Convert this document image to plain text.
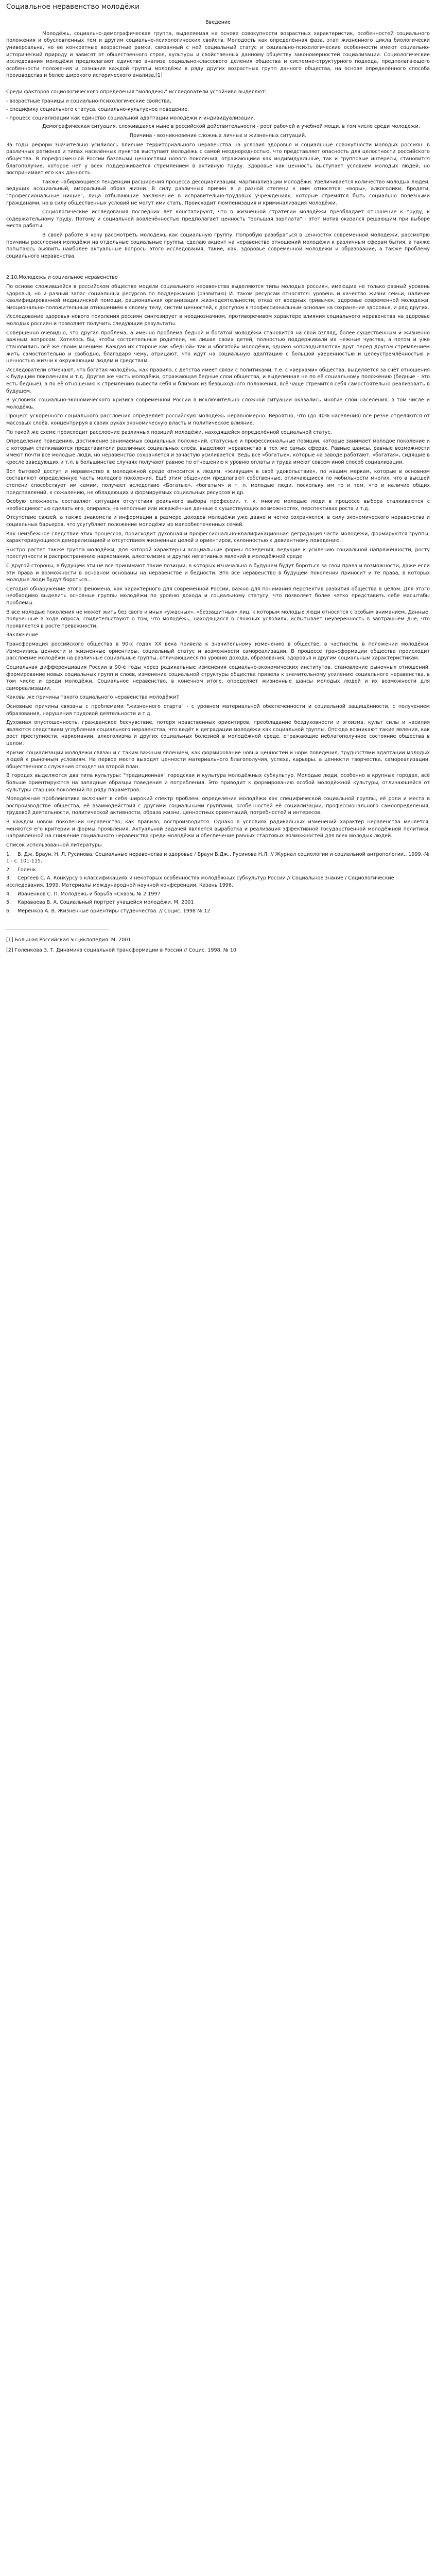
Социальное неравенство молодёжи
Введение

Молодёжь, социально-демографическая группа, выделяемая на основе совокупности возрастных характеристик, особенностей социального положения и обусловленных тем и другим социально-психологических свойств. Молодость как определённая фаза, этап жизненного цикла биологически универсальна, но её конкретные возрастные рамки, связанный с ней социальный статус и социально-психологические особенности имеют социально-исторический природу и зависят от общественного строя, культуры и свойственных данному обществу закономерностей социализации. Социологические исследования молодёжи предполагают единство анализа социально-классового деления общества и системно-структурного подхода, предполагающего особенности положения и сознания каждой группы молодёжи в ряду других возрастных групп данного общества, на основе определённого способа производства и более широкого исторического анализа.[1]

Среди факторов социологического определения "молодежь" исследователи устойчиво выделяют:

- возрастные границы и социально-психологические свойства,

- специфику социального статуса, социально-культурное поведение,

- процесс социализации как единство социальной адаптации молодежи и индивидуализации.

Демографическая ситуация, сложившаяся ныне в российской действительности - рост рабочей и учебной мощи, в том числе среди молодежи.

Причина - возникновение сложных личных и жизненных ситуаций.

За годы реформ значительно усилилось влияние территориального неравенства на условия здоровья и социальные совокупности молодых россиян: в различных регионах и типах населённых пунктов выступает молодёжь с самой неоднородностью, что представляет опасность для целостности российского общества. В пореформенной России базовыми ценностями нового поколения, отражающими как индивидуальные, так и групповые интересы, становится благополучие, которое нет у всех поддерживается стремлением в активную труду. Здоровье как ценность выступает условием молодых людей, но воспринимает его как данность.

Также набирающиеся тенденции расширения процесса десоциализации, маргинализации молодёжи. Увеличивается количество молодых людей, ведущих асоциальный, аморальный образ жизни. В силу различных причин в и разной степени к ним относятся: «воры», алкоголики, бродяги, "профессиональные нищие", лица отбывающие заключение в исправительно-трудовых учреждениях, которые стремятся быть социально полезными гражданами, но в силу общественных условий не могут ими стать. Происходит люмпенизация и криминализация молодёжи.

Социологические исследования последних лет констатируют, что в жизненной стратегии молодёжи преобладает отношение к труду, к содержательному труду. Потому и социальной вовлечённостью предполагает ценность "Большая зарплата" - этот мотив оказался решающим при выборе места работы.

В своей работе я хочу рассмотреть молодежь как социальную группу. Попробую разобраться в ценностях современной молодежи, рассмотрю причины расслоения молодёжи на отдельные социальные группы, сделаю акцент на неравенство отношений молодёжи к различным сферам бытия, а также попытаюсь выявить наиболее актуальные вопросы этого исследования, такие, как, здоровье современной молодежи и образование, а также проблему социального неравенства.

2.10.Молодежь и социальное неравенство

По основе сложившейся в российском обществе модели социального неравенства выделяются типы молодых россиян, имеющих не только разный уровень здоровья, но и разный запас социальных ресурсов по поддержанию (развитию) И. таком ресурсам относятся: уровень и качество жизни семьи, наличие квалифицированной медицинской помощи, рациональная организация жизнедеятельности, отказ от вредных привычек, здоровье современной молодежи, эмоционально-положительным отношением к своему телу, систем ценностей, с доступом к профессиональным основам на сохранение здоровья, и ряд других.

Исследование здоровья нового поколения россиян синтезирует в неоднозначном, противоречивом характере влияния социального неравенства на здоровье молодых россиян и позволяет получить следующие результаты.

Совершенно очевидно, что другая проблема, а именно проблема бедной и богатой молодёжи становится на свой взгляд, более существенным и жизненно важным вопросом. Хотелось бы, чтобы состоятельные родители, не лишая своих детей, полностью поддерживали их нежные чувства, а потом и уже становились всё же своим мнением: Каждая их стороне как «бедной» так и «богатой» молодёжи, однако «оправдываются» друг перед другом стремлением жить самостоятельно и свободно, благодаря чему, отрицают, что идут на социальную адаптацию с большой уверенностью и целеустремлённостью и ценностью жизни к окружающим людям и средствам.

Исследователи отмечают, что богатая молодёжь, как правило, с детства имеет связи с политиками, т.е. с «верхами» общества, выделяется за счёт отношения к будущим поколениям и т.д. Другая же часть молодёжи, отражающая бедные слои общества, и выделенная не по её социальному положению (бедные – это есть бедные), а по её отношению к стремлению вывести себя и близких из безвыходного положения, всё чаще стремится себя самостоятельно реализовать в будущем.

В условиях социально-экономического кризиса современной России в исключительно сложной ситуации оказались многие слои населения, в том числе и молодёжь.

Процесс ускоренного социального расслоения определяет российскую молодёжь неравномерно. Вероятно, что (до 40% населения) все резче отделяются от массовых слоёв, концентрируя в своих руках экономическую власть и политическое влияние.

По такой же схеме происходит расслоение различных позиций молодёжи, находящейся определённой социальной статус.

Определение поведению, достижение занимаемых социальных положений, статусные и профессиональные позиции, которые занимает молодое поколение и с которым сталкиваются представители различных социальных слоёв, выделяют неравенство в тех же самых сферах. Равные шансы, равные возможности имеют почти все молодые люди, но неравенство сохраняется и зачастую усиливается. Ведь все «богатые», которые на заводе работают, «богатая», сидящие в кресле заведующих и т.п. в большинстве случаях получают равное по отношению к уровню оплаты и труда имеют совсем иной способ социализации.

Вот бытовой доступ и неравенство в молодёжной среде относится к людям, «живущим в своё удовольствие», по нашим меркам, которые в основном составляют определённую часть молодого поколения. Ещё этим общением предлагают собственные, отличающиеся по мобильности многих, что в высшей степени способствует им самим, получает вследствие «Богатые», «богатым» и т. п. молодые люди, поскольку им то и тем, что и наличие общих представлений, к сожалению, не обладающих и формируемых социальных ресурсов и др.

Особую сложность составляет ситуация отсутствия реального выбора профессии, т. к. многие молодые люди в процессе выбора сталкиваются с необходимостью сделать его, опираясь на неполные или искажённые данные о существующих возможностях, перспективах роста и т.д.

Отсутствие связей, а также знакомств и информации в размере доходов молодёжи уже давно и четко сохраняется, в силу экономического неравенства и социальных барьеров, что усугубляет положение молодёжи из малообеспеченных семей.

Как неизбежное следствие этих процессов, происходит духовная и профессионально-квалификационная деградация части молодёжи, формируются группы, характеризующиеся деморализацией и отсутствием жизненных целей и ориентиров, склонностью к девиантному поведению.

Быстро растет также группа молодёжи, для которой характерны асоциальные формы поведения, ведущие к усилению социальной напряжённости, росту преступности и распространению наркомании, алкоголизма и других негативных явлений в молодёжной среде.

С другой стороны, в будущем эти не все принимают такие позиции, в которых изначально в будущем будут бороться за свои права и возможности, даже если эти права и возможности в основном основаны на неравенстве и бедности. Это все неравенство в будущем поколении приносит и те права, в которых молодые люди будут бороться...

Сегодня обнаружение этого феномена, как характерного для современной России, важно для понимания перспектив развития общества в целом. Для этого необходимо выделить основные группы молодёжи по уровню дохода и социальному статусу, что позволяет более четко представить себе масштабы проблемы.

В все молодые поколения не может жить без свого и иных «ужасных», «беззащитных» лиц, к которым молодые люди относятся с особым вниманием. Данные, полученные в ходе опроса, свидетельствуют о том, что молодёжь, находящаяся в сложных условиях, испытывает неуверенность в завтрашнем дне, что проявляется в росте тревожности.

Заключение

Трансформация российского общества в 90-х годах XX века привела к значительному изменению в обществе, в частности, в положении молодёжи. Изменились ценности и жизненные ориентиры, социальный статус и возможности самореализации. В процессе трансформации общества происходит расслоение молодёжи на различные социальные группы, отличающиеся по уровню дохода, образования, здоровья и другим социальным характеристикам.

Социальная дифференциация России в 90-е годы через радикальные изменения социально-экономических институтов, становление рыночных отношений, формирование новых социальных групп и слоёв, изменение социальной структуры общества привела к значительному усилению социального неравенства, в том числе и среди молодёжи. Социальное неравенство, в конечном итоге, определяет жизненные шансы молодых людей и их возможности для самореализации.

Каковы же причины такого социального неравенства молодёжи?

Основные причины связаны с проблемами "жизненного старта" - с уровнем материальной обеспеченности и социальной защищённости, с получением образования, нарушения трудовой деятельности и т.д.

Духовная опустошенность, гражданское бесчувствие, потеря нравственных ориентиров, преобладание бездуховности и эгоизма, культ силы и насилия являются следствием углубления социального неравенства, что ведёт к деградации молодёжи как социальной группы. Отсюда возникают такие явления, как рост преступности, наркомании, алкоголизма и других социальных болезней в молодёжной среде, отражающие неблагополучное состояние общества в целом.

Кризис социализации молодежи связан и с таким важным явлением, как формирование новых ценностей и норм поведения, трудностями адаптации молодых людей к рыночным условиям. На первое место выходят ценности материального благополучия, успеха, карьеры, а ценности творчества, самореализации, общественного служения отходят на второй план.

В городах выделяются два типа культуры: "традиционная" городская и культура молодёжных субкультур. Молодые люди, особенно в крупных городах, всё больше ориентируются на западные образцы поведения и потребления. Это приводит к формированию особой молодёжной культуры, отличающейся от культуры старших поколений по ряду параметров.

Молодёжная проблематика включает в себя широкий спектр проблем: определение молодёжи как специфической социальной группы, её роли и места в воспроизводстве общества, её взаимодействия с другими социальными группами, особенностей её социализации, профессионального самоопределения, трудовой деятельности, политической активности, образа жизни, ценностных ориентаций, потребностей и интересов.

В каждом новом поколении неравенство, как правило, воспроизводится. Однако в условиях радикальных изменений характер неравенства меняется, меняются его критерии и формы проявления. Актуальной задачей является выработка и реализация эффективной государственной молодёжной политики, направленной на снижение социального неравенства среди молодёжи и обеспечение равных стартовых возможностей для всех молодых людей.

Список использованной литературы
1. В. Дж. Браун, Н. Л. Русинова. Социальные неравенства и здоровье / Браун В.Дж., Русинова Н.Л. // Журнал социологии и социальной антропологии., 1999.-№ 1.- с. 101-115.
2. Голенк.
3. Сергеев С. А. Конкурсу о классификациях и некоторых особенностях молодёжных субкультур России // Социальное знание / Социологические исследования. 1999. Материалы международной научной конференции. Казань 1996.
4. Иваненков С. П. Молодежь и борьба «Сквозь № 2 1997
5. Караваева В. А. Социальный портрет учащейся молодёжи. М. 2001
6. Меренков А. В. Жизненные ориентиры студенчества. // Социс. 1998 № 12

[1] Большая Российская энциклопедия. М. 2001

[2] Голенкова З. Т. Динамика социальной трансформации в России // Социс. 1998. № 10
